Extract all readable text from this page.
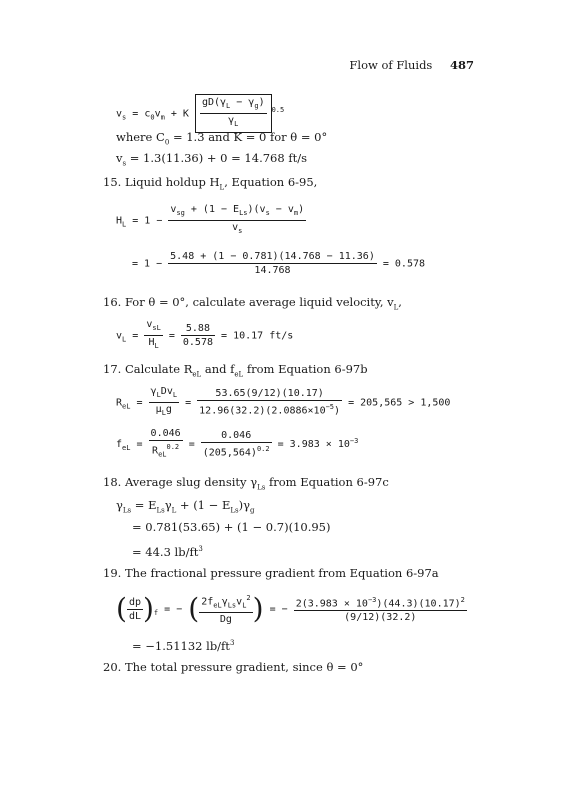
Flow of Fluids 487
$v_s = c_0v_m + K \frac{gD(\gamma_L - \gamma_g)}{\gamma_L} ^{0.5}$
where $C_0 = 1.3$ and K = 0 for θ = 0°
$v_s = 1.3(11.36) + 0 = 14.768$ ft/s
15. Liquid holdup $H_L$, Equation 6-95,
$H_L = 1 - \frac{v_{sg} + (1 - E_{Ls})(v_s - v_m)}{v_s}$
= $1 - \frac{5.48 + (1 - 0.781)(14.768 - 11.36)}{14.768} = 0.578$
16. For θ = 0°, calculate average liquid velocity, $v_L$,
$v_L = \frac{v_{sL}}{H_L} = \frac{5.88}{0.578} = 10.17$ ft/s
17. Calculate $R_{eL}$ and $f_{eL}$ from Equation 6-97b
$R_{eL} = \frac{\gamma_LDv_L}{\mu_Lg} = \frac{53.65(9/12)(10.17)}{12.96(32.2)(2.0886\times 10^{-5})} = 205,565 > 1,500$
$f_{eL} = \frac{0.046}{R_{eL}^{0.2}} = \frac{0.046}{(205,564)^{0.2}} = 3.983 \times 10^{-3}$
18. Average slug density $\gamma_{Ls}$ from Equation 6-97c
$\gamma_{Ls} = E_{Ls}\gamma_L + (1 - E_{Ls})\gamma_g$
= 0.781(53.65) + (1 − 0.7)(10.95)
= 44.3 $lb/ft^3$
19. The fractional pressure gradient from Equation 6-97a
( $\frac{dp}{dL} )_f$ = − ( $\frac{2f_{eL}\gamma_{Ls}v_L^2}{Dg}$ ) = − $\frac{2(3.983 \times 10^{-3})(44.3)(10.17)^2}{(9/12)(32.2)}$
= −1.51132 $lb/ft^3$
20. The total pressure gradient, since θ = 0°
